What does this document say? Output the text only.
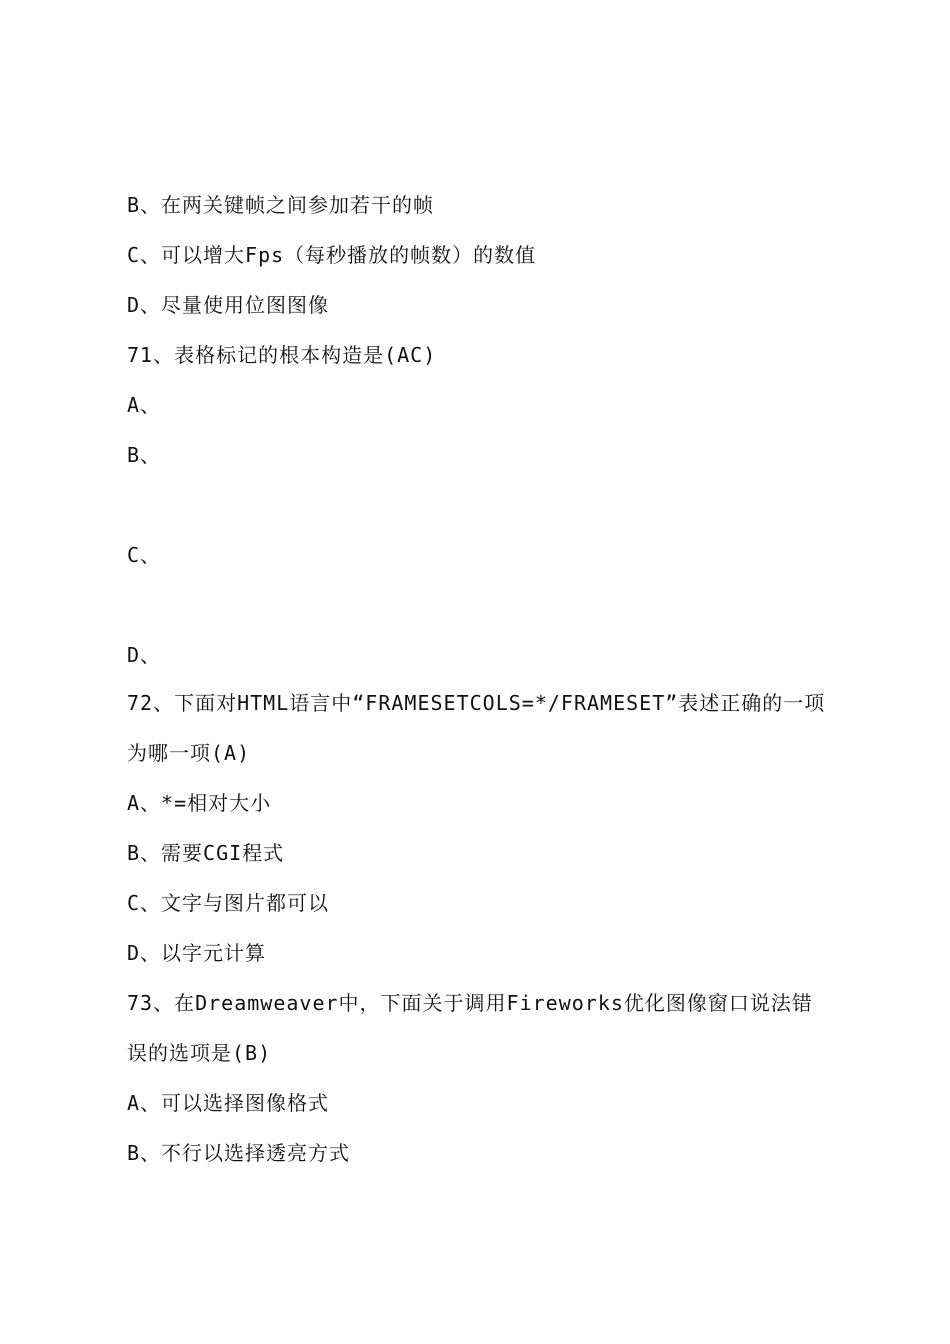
B、在两关键帧之间参加若干的帧
C、可以增大Fps（每秒播放的帧数）的数值
D、尽量使用位图图像
71、表格标记的根本构造是(AC)
A、
B、
C、
D、
72、下面对HTML语言中“FRAMESETCOLS=*/FRAMESET”表述正确的一项
为哪一项(A)
A、*=相对大小
B、需要CGI程式
C、文字与图片都可以
D、以字元计算
73、在Dreamweaver中，下面关于调用Fireworks优化图像窗口说法错
误的选项是(B)
A、可以选择图像格式
B、不行以选择透亮方式
